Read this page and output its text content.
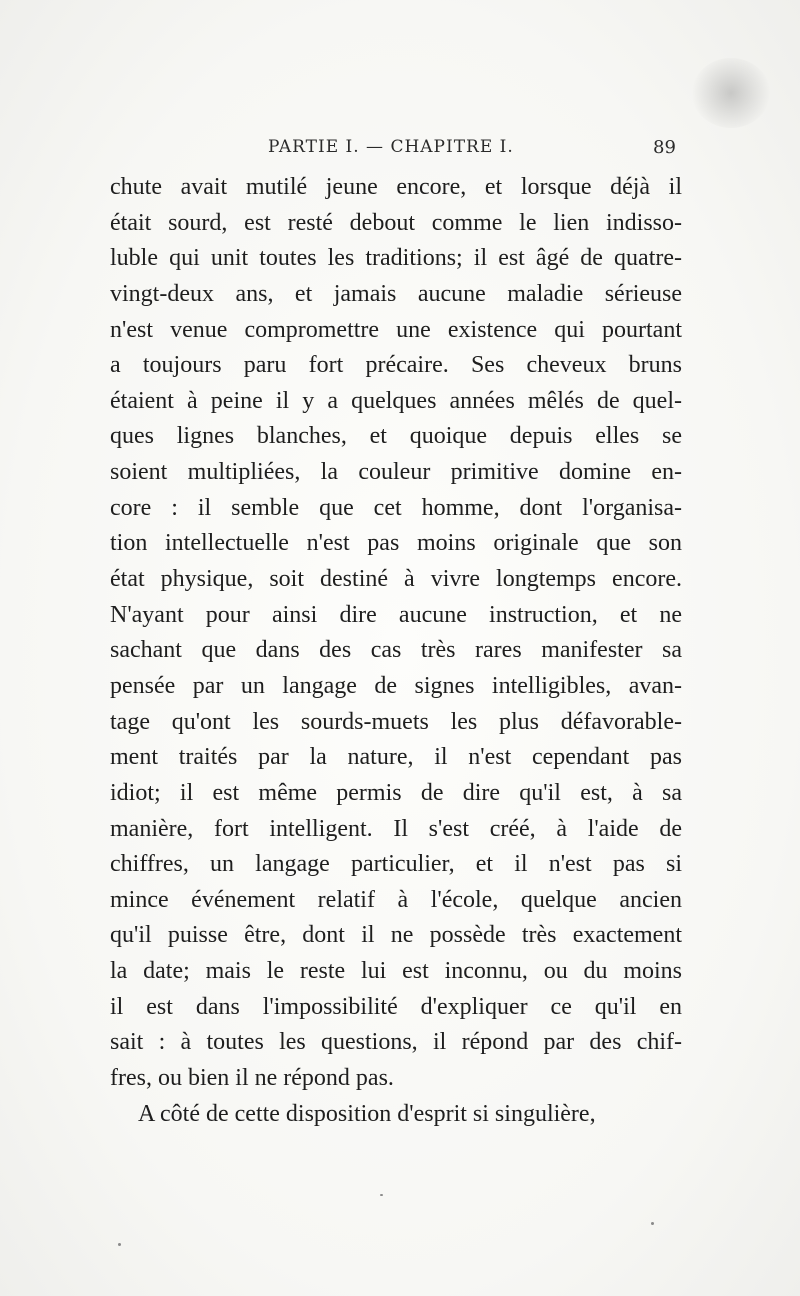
PARTIE I. — CHAPITRE I.	89
chute avait mutilé jeune encore, et lorsque déjà il
était sourd, est resté debout comme le lien indisso-
luble qui unit toutes les traditions; il est âgé de quatre-
vingt-deux ans, et jamais aucune maladie sérieuse
n'est venue compromettre une existence qui pourtant
a toujours paru fort précaire. Ses cheveux bruns
étaient à peine il y a quelques années mêlés de quel-
ques lignes blanches, et quoique depuis elles se
soient multipliées, la couleur primitive domine en-
core : il semble que cet homme, dont l'organisa-
tion intellectuelle n'est pas moins originale que son
état physique, soit destiné à vivre longtemps encore.
N'ayant pour ainsi dire aucune instruction, et ne
sachant que dans des cas très rares manifester sa
pensée par un langage de signes intelligibles, avan-
tage qu'ont les sourds-muets les plus défavorable-
ment traités par la nature, il n'est cependant pas
idiot; il est même permis de dire qu'il est, à sa
manière, fort intelligent. Il s'est créé, à l'aide de
chiffres, un langage particulier, et il n'est pas si
mince événement relatif à l'école, quelque ancien
qu'il puisse être, dont il ne possède très exactement
la date; mais le reste lui est inconnu, ou du moins
il est dans l'impossibilité d'expliquer ce qu'il en
sait : à toutes les questions, il répond par des chif-
fres, ou bien il ne répond pas.
A côté de cette disposition d'esprit si singulière,
